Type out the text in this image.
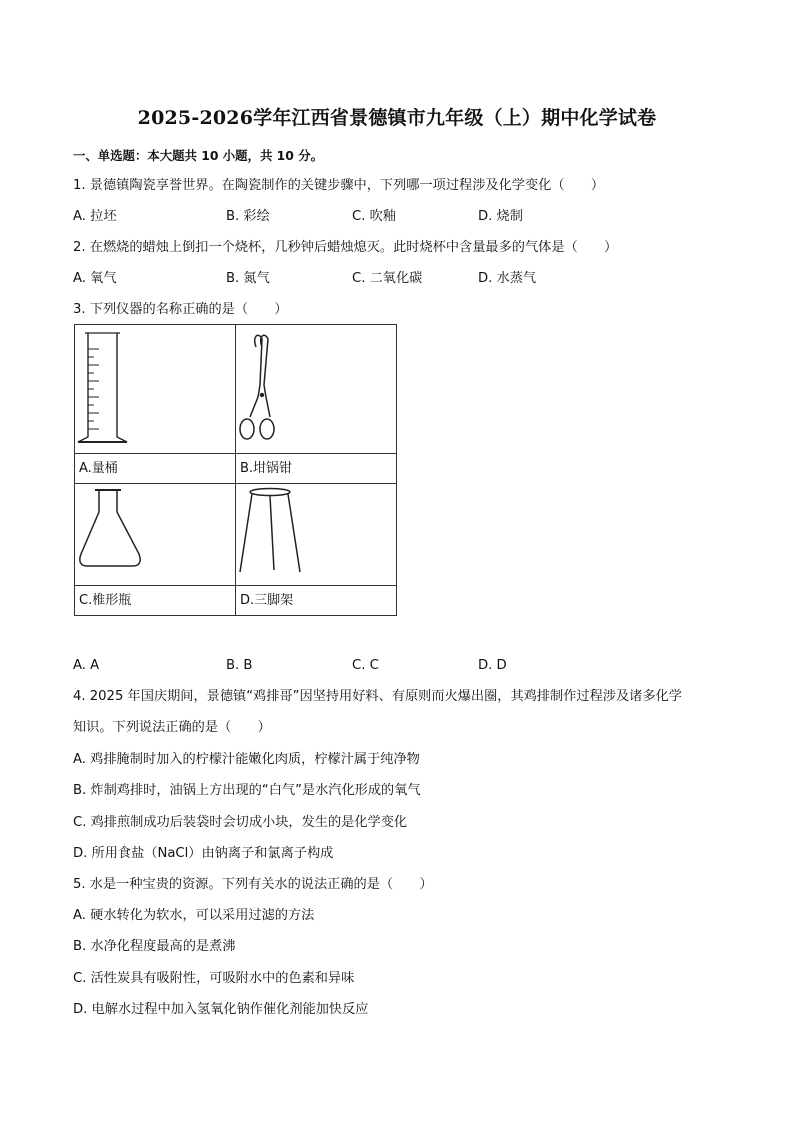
2025-2026学年江西省景德镇市九年级（上）期中化学试卷
一、单选题：本大题共 10 小题，共 10 分。
1. 景德镇陶瓷享誉世界。在陶瓷制作的关键步骤中，下列哪一项过程涉及化学变化（　　）
A. 拉坯	B. 彩绘	C. 吹釉	D. 烧制
2. 在燃烧的蜡烛上倒扣一个烧杯，几秒钟后蜡烛熄灭。此时烧杯中含量最多的气体是（　　）
A. 氧气	B. 氮气	C. 二氧化碳	D. 水蒸气
3. 下列仪器的名称正确的是（　　）

A.量桶	B.坩锅钳

C.椎形瓶	D.三脚架
A. A	B. B	C. C	D. D
4. 2025 年国庆期间，景德镇“鸡排哥”因坚持用好料、有原则而火爆出圈，其鸡排制作过程涉及诸多化学
知识。下列说法正确的是（　　）
A. 鸡排腌制时加入的柠檬汁能嫩化肉质，柠檬汁属于纯净物
B. 炸制鸡排时，油锅上方出现的“白气”是水汽化形成的氧气
C. 鸡排煎制成功后装袋时会切成小块，发生的是化学变化
D. 所用食盐（NaCl）由钠离子和氯离子构成
5. 水是一种宝贵的资源。下列有关水的说法正确的是（　　）
A. 硬水转化为软水，可以采用过滤的方法
B. 水净化程度最高的是煮沸
C. 活性炭具有吸附性，可吸附水中的色素和异味
D. 电解水过程中加入氢氧化钠作催化剂能加快反应
